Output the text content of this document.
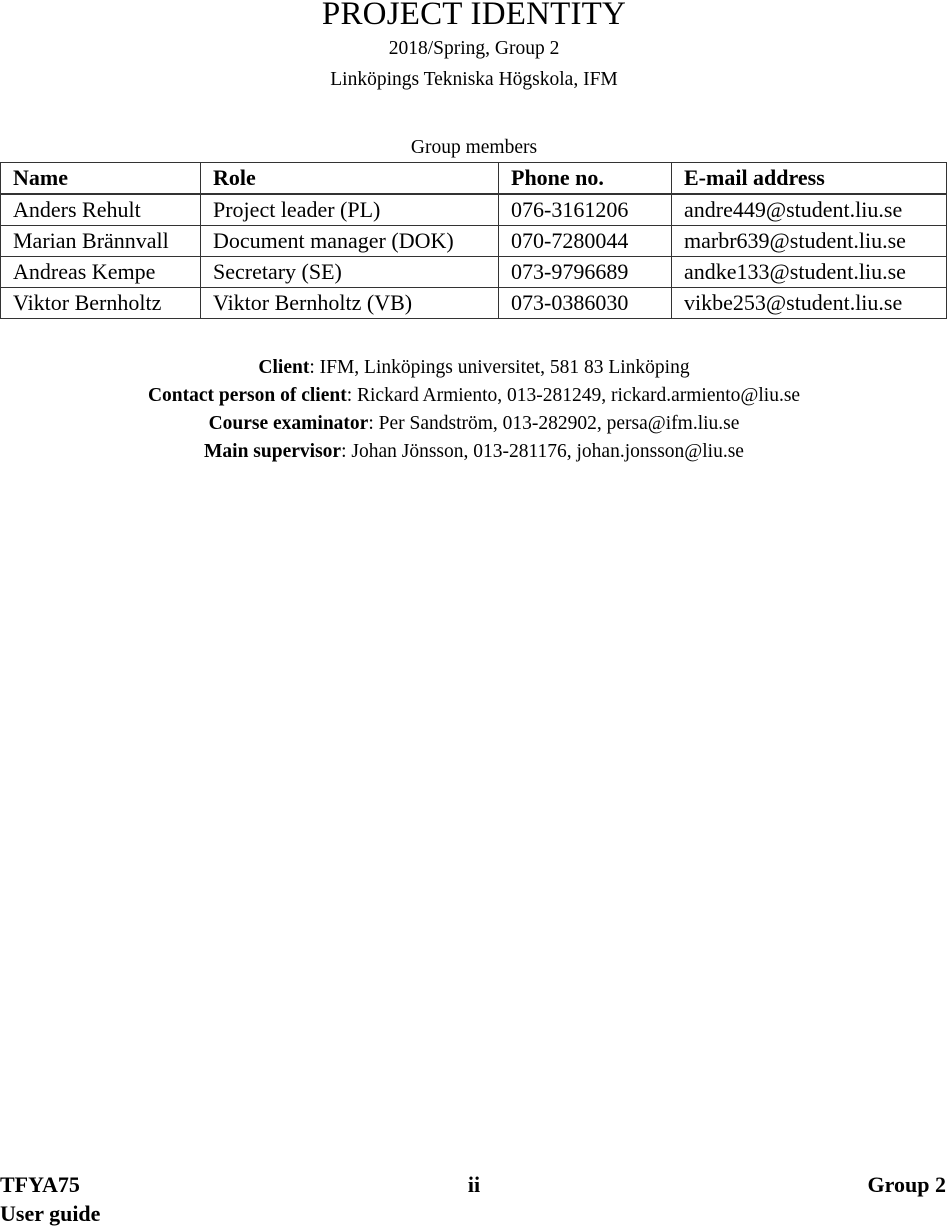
PROJECT IDENTITY
2018/Spring, Group 2
Linköpings Tekniska Högskola, IFM
Group members
Name	Role	Phone no.	E-mail address
Anders Rehult	Project leader (PL)	076-3161206	andre449@student.liu.se
Marian Brännvall	Document manager (DOK)	070-7280044	marbr639@student.liu.se
Andreas Kempe	Secretary (SE)	073-9796689	andke133@student.liu.se
Viktor Bernholtz	Viktor Bernholtz (VB)	073-0386030	vikbe253@student.liu.se
Client: IFM, Linköpings universitet, 581 83 Linköping
Contact person of client: Rickard Armiento, 013-281249, rickard.armiento@liu.se
Course examinator: Per Sandström, 013-282902, persa@ifm.liu.se
Main supervisor: Johan Jönsson, 013-281176, johan.jonsson@liu.se
TFYA75	ii	Group 2
User guide
